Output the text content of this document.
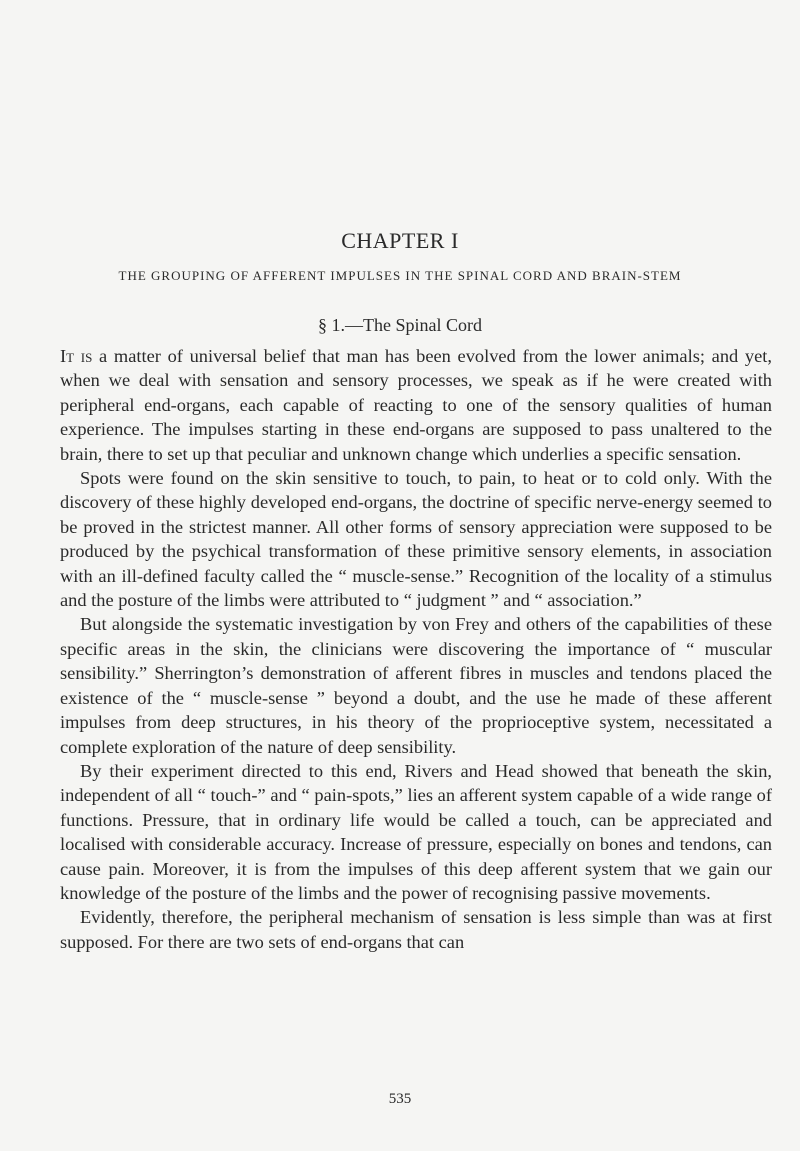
CHAPTER I
THE GROUPING OF AFFERENT IMPULSES IN THE SPINAL CORD AND BRAIN-STEM
§ 1.—The Spinal Cord

It is a matter of universal belief that man has been evolved from the lower animals; and yet, when we deal with sensation and sensory processes, we speak as if he were created with peripheral end-organs, each capable of reacting to one of the sensory qualities of human experience. The impulses starting in these end-organs are supposed to pass unaltered to the brain, there to set up that peculiar and unknown change which underlies a specific sensation.

Spots were found on the skin sensitive to touch, to pain, to heat or to cold only. With the discovery of these highly developed end-organs, the doctrine of specific nerve-energy seemed to be proved in the strictest manner. All other forms of sensory appreciation were supposed to be produced by the psychical transformation of these primitive sensory elements, in association with an ill-defined faculty called the “ muscle-sense.” Recognition of the locality of a stimulus and the posture of the limbs were attributed to “ judgment ” and “ association.”

But alongside the systematic investigation by von Frey and others of the capabilities of these specific areas in the skin, the clinicians were discovering the importance of “ muscular sensibility.” Sherrington’s demonstration of afferent fibres in muscles and tendons placed the existence of the “ muscle-sense ” beyond a doubt, and the use he made of these afferent impulses from deep structures, in his theory of the proprioceptive system, necessitated a complete exploration of the nature of deep sensibility.

By their experiment directed to this end, Rivers and Head showed that beneath the skin, independent of all “ touch-” and “ pain-spots,” lies an afferent system capable of a wide range of functions. Pressure, that in ordinary life would be called a touch, can be appreciated and localised with considerable accuracy. Increase of pressure, especially on bones and tendons, can cause pain. Moreover, it is from the impulses of this deep afferent system that we gain our knowledge of the posture of the limbs and the power of recognising passive movements.

Evidently, therefore, the peripheral mechanism of sensation is less simple than was at first supposed. For there are two sets of end-organs that can

535
